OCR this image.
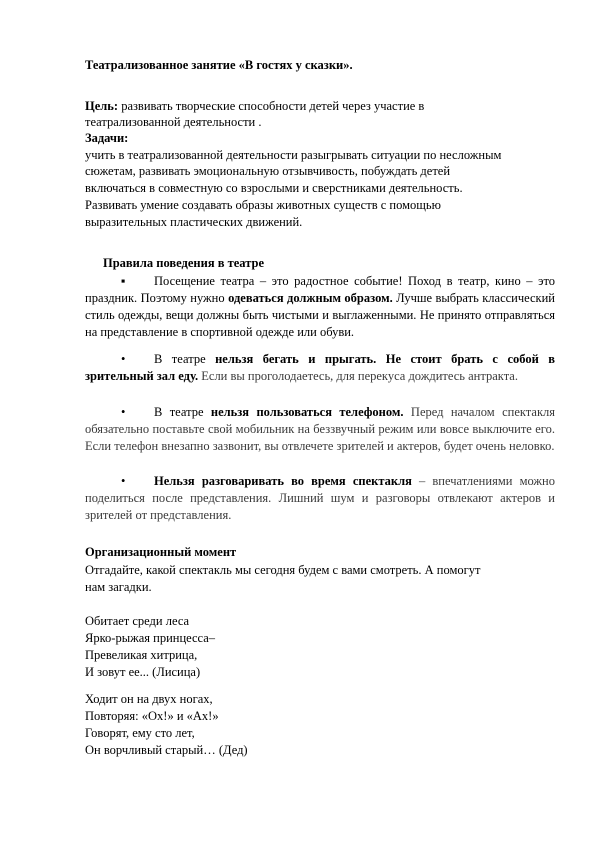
Театрализованное занятие «В гостях у сказки».
Цель: развивать творческие способности детей через участие в
театрализованной деятельности .
Задачи:
учить в театрализованной деятельности разыгрывать ситуации по несложным
сюжетам, развивать эмоциональную отзывчивость, побуждать детей
включаться в совместную со взрослыми и сверстниками деятельность.
Развивать умение создавать образы животных существ с помощью
выразительных пластических движений.
Правила поведения в театре
▪ Посещение театра – это радостное событие! Поход в театр, кино – это праздник. Поэтому нужно одеваться должным образом. Лучше выбрать классический стиль одежды, вещи должны быть чистыми и выглаженными. Не принято отправляться на представление в спортивной одежде или обуви.
• В театре нельзя бегать и прыгать. Не стоит брать с собой в зрительный зал еду. Если вы проголодаетесь, для перекуса дождитесь антракта.
• В театре нельзя пользоваться телефоном. Перед началом спектакля обязательно поставьте свой мобильник на беззвучный режим или вовсе выключите его. Если телефон внезапно зазвонит, вы отвлечете зрителей и актеров, будет очень неловко.
• Нельзя разговаривать во время спектакля – впечатлениями можно поделиться после представления. Лишний шум и разговоры отвлекают актеров и зрителей от представления.
Организационный момент
Отгадайте, какой спектакль мы сегодня будем с вами смотреть. А помогут
нам загадки.
Обитает среди леса
Ярко-рыжая принцесса–
Превеликая хитрица,
И зовут ее... (Лисица)
Ходит он на двух ногах,
Повторяя: «Ох!» и «Ах!»
Говорят, ему сто лет,
Он ворчливый старый… (Дед)
